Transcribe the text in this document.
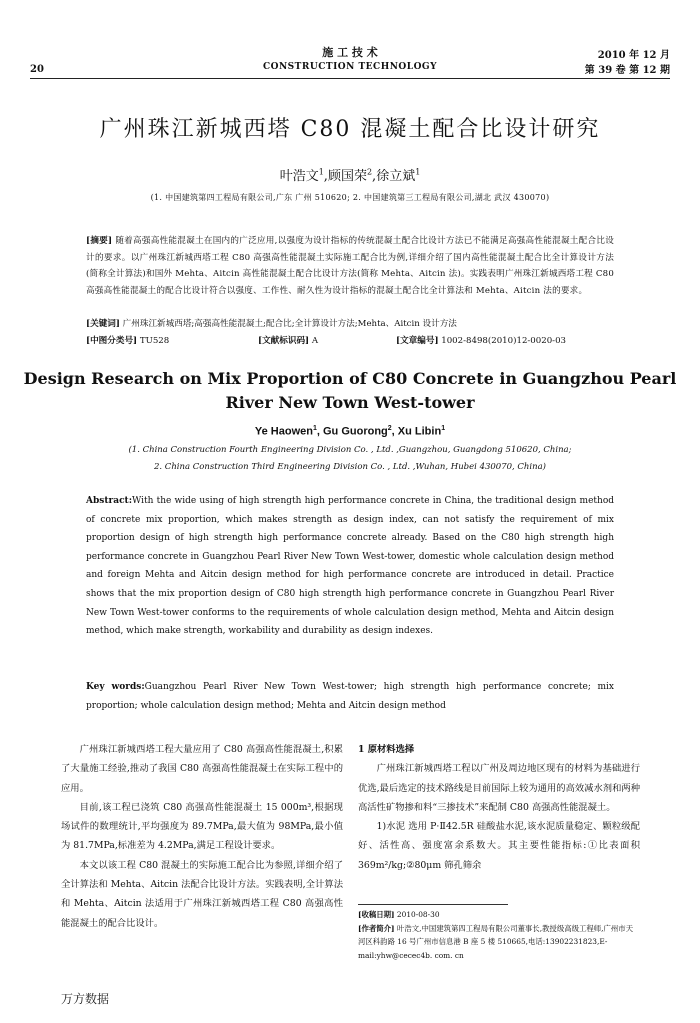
20
施 工 技 术
CONSTRUCTION TECHNOLOGY
2010 年 12 月
第 39 卷 第 12 期
广州珠江新城西塔 C80 混凝土配合比设计研究
叶浩文$^1$,顾国荣$^2$,徐立斌$^1$
(1. 中国建筑第四工程局有限公司,广东 广州 510620; 2. 中国建筑第三工程局有限公司,湖北 武汉 430070)
[摘要] 随着高强高性能混凝土在国内的广泛应用,以强度为设计指标的传统混凝土配合比设计方法已不能满足高强高性能混凝土配合比设计的要求。以广州珠江新城西塔工程 C80 高强高性能混凝土实际施工配合比为例,详细介绍了国内高性能混凝土配合比全计算设计方法(简称全计算法)和国外 Mehta、Aitcin 高性能混凝土配合比设计方法(简称 Mehta、Aitcin 法)。实践表明广州珠江新城西塔工程 C80 高强高性能混凝土的配合比设计符合以强度、工作性、耐久性为设计指标的混凝土配合比全计算法和 Mehta、Aitcin 法的要求。
[关键词] 广州珠江新城西塔;高强高性能混凝土;配合比;全计算设计方法;Mehta、Aitcin 设计方法
[中图分类号] TU528	[文献标识码] A	[文章编号] 1002-8498(2010)12-0020-03
Design Research on Mix Proportion of C80 Concrete in Guangzhou Pearl River New Town West-tower
Ye Haowen$^1$, Gu Guorong$^2$, Xu Libin$^1$
(1. China Construction Fourth Engineering Division Co. , Ltd. ,Guangzhou, Guangdong 510620, China;
2. China Construction Third Engineering Division Co. , Ltd. ,Wuhan, Hubei 430070, China)
Abstract:With the wide using of high strength high performance concrete in China, the traditional design method of concrete mix proportion, which makes strength as design index, can not satisfy the requirement of mix proportion design of high strength high performance concrete already. Based on the C80 high strength high performance concrete in Guangzhou Pearl River New Town West-tower, domestic whole calculation design method and foreign Mehta and Aitcin design method for high performance concrete are introduced in detail. Practice shows that the mix proportion design of C80 high strength high performance concrete in Guangzhou Pearl River New Town West-tower conforms to the requirements of whole calculation design method, Mehta and Aitcin design method, which make strength, workability and durability as design indexes.
Key words:Guangzhou Pearl River New Town West-tower; high strength high performance concrete; mix proportion; whole calculation design method; Mehta and Aitcin design method

广州珠江新城西塔工程大量应用了 C80 高强高性能混凝土,积累了大量施工经验,推动了我国 C80 高强高性能混凝土在实际工程中的应用。

目前,该工程已浇筑 C80 高强高性能混凝土 15 000m³,根据现场试件的数理统计,平均强度为 89.7MPa,最大值为 98MPa,最小值为 81.7MPa,标准差为 4.2MPa,满足工程设计要求。

本文以该工程 C80 混凝土的实际施工配合比为参照,详细介绍了全计算法和 Mehta、Aitcin 法配合比设计方法。实践表明,全计算法和 Mehta、Aitcin 法适用于广州珠江新城西塔工程 C80 高强高性能混凝土的配合比设计。

1 原材料选择

广州珠江新城西塔工程以广州及周边地区现有的材料为基础进行优选,最后选定的技术路线是目前国际上较为通用的高效减水剂和两种高活性矿物掺和料“三掺技术”来配制 C80 高强高性能混凝土。

1)水泥 选用 P·Ⅱ42.5R 硅酸盐水泥,该水泥质量稳定、颗粒级配好、活性高、强度富余系数大。其主要性能指标:①比表面积 369m²/kg;②80μm 筛孔筛余

[收稿日期] 2010-08-30

[作者简介] 叶浩文,中国建筑第四工程局有限公司董事长,教授级高级工程师,广州市天河区科韵路 16 号广州市信息港 B 座 5 楼 510665,电话:13902231823,E-mail:yhw@cecec4b. com. cn

万方数据
